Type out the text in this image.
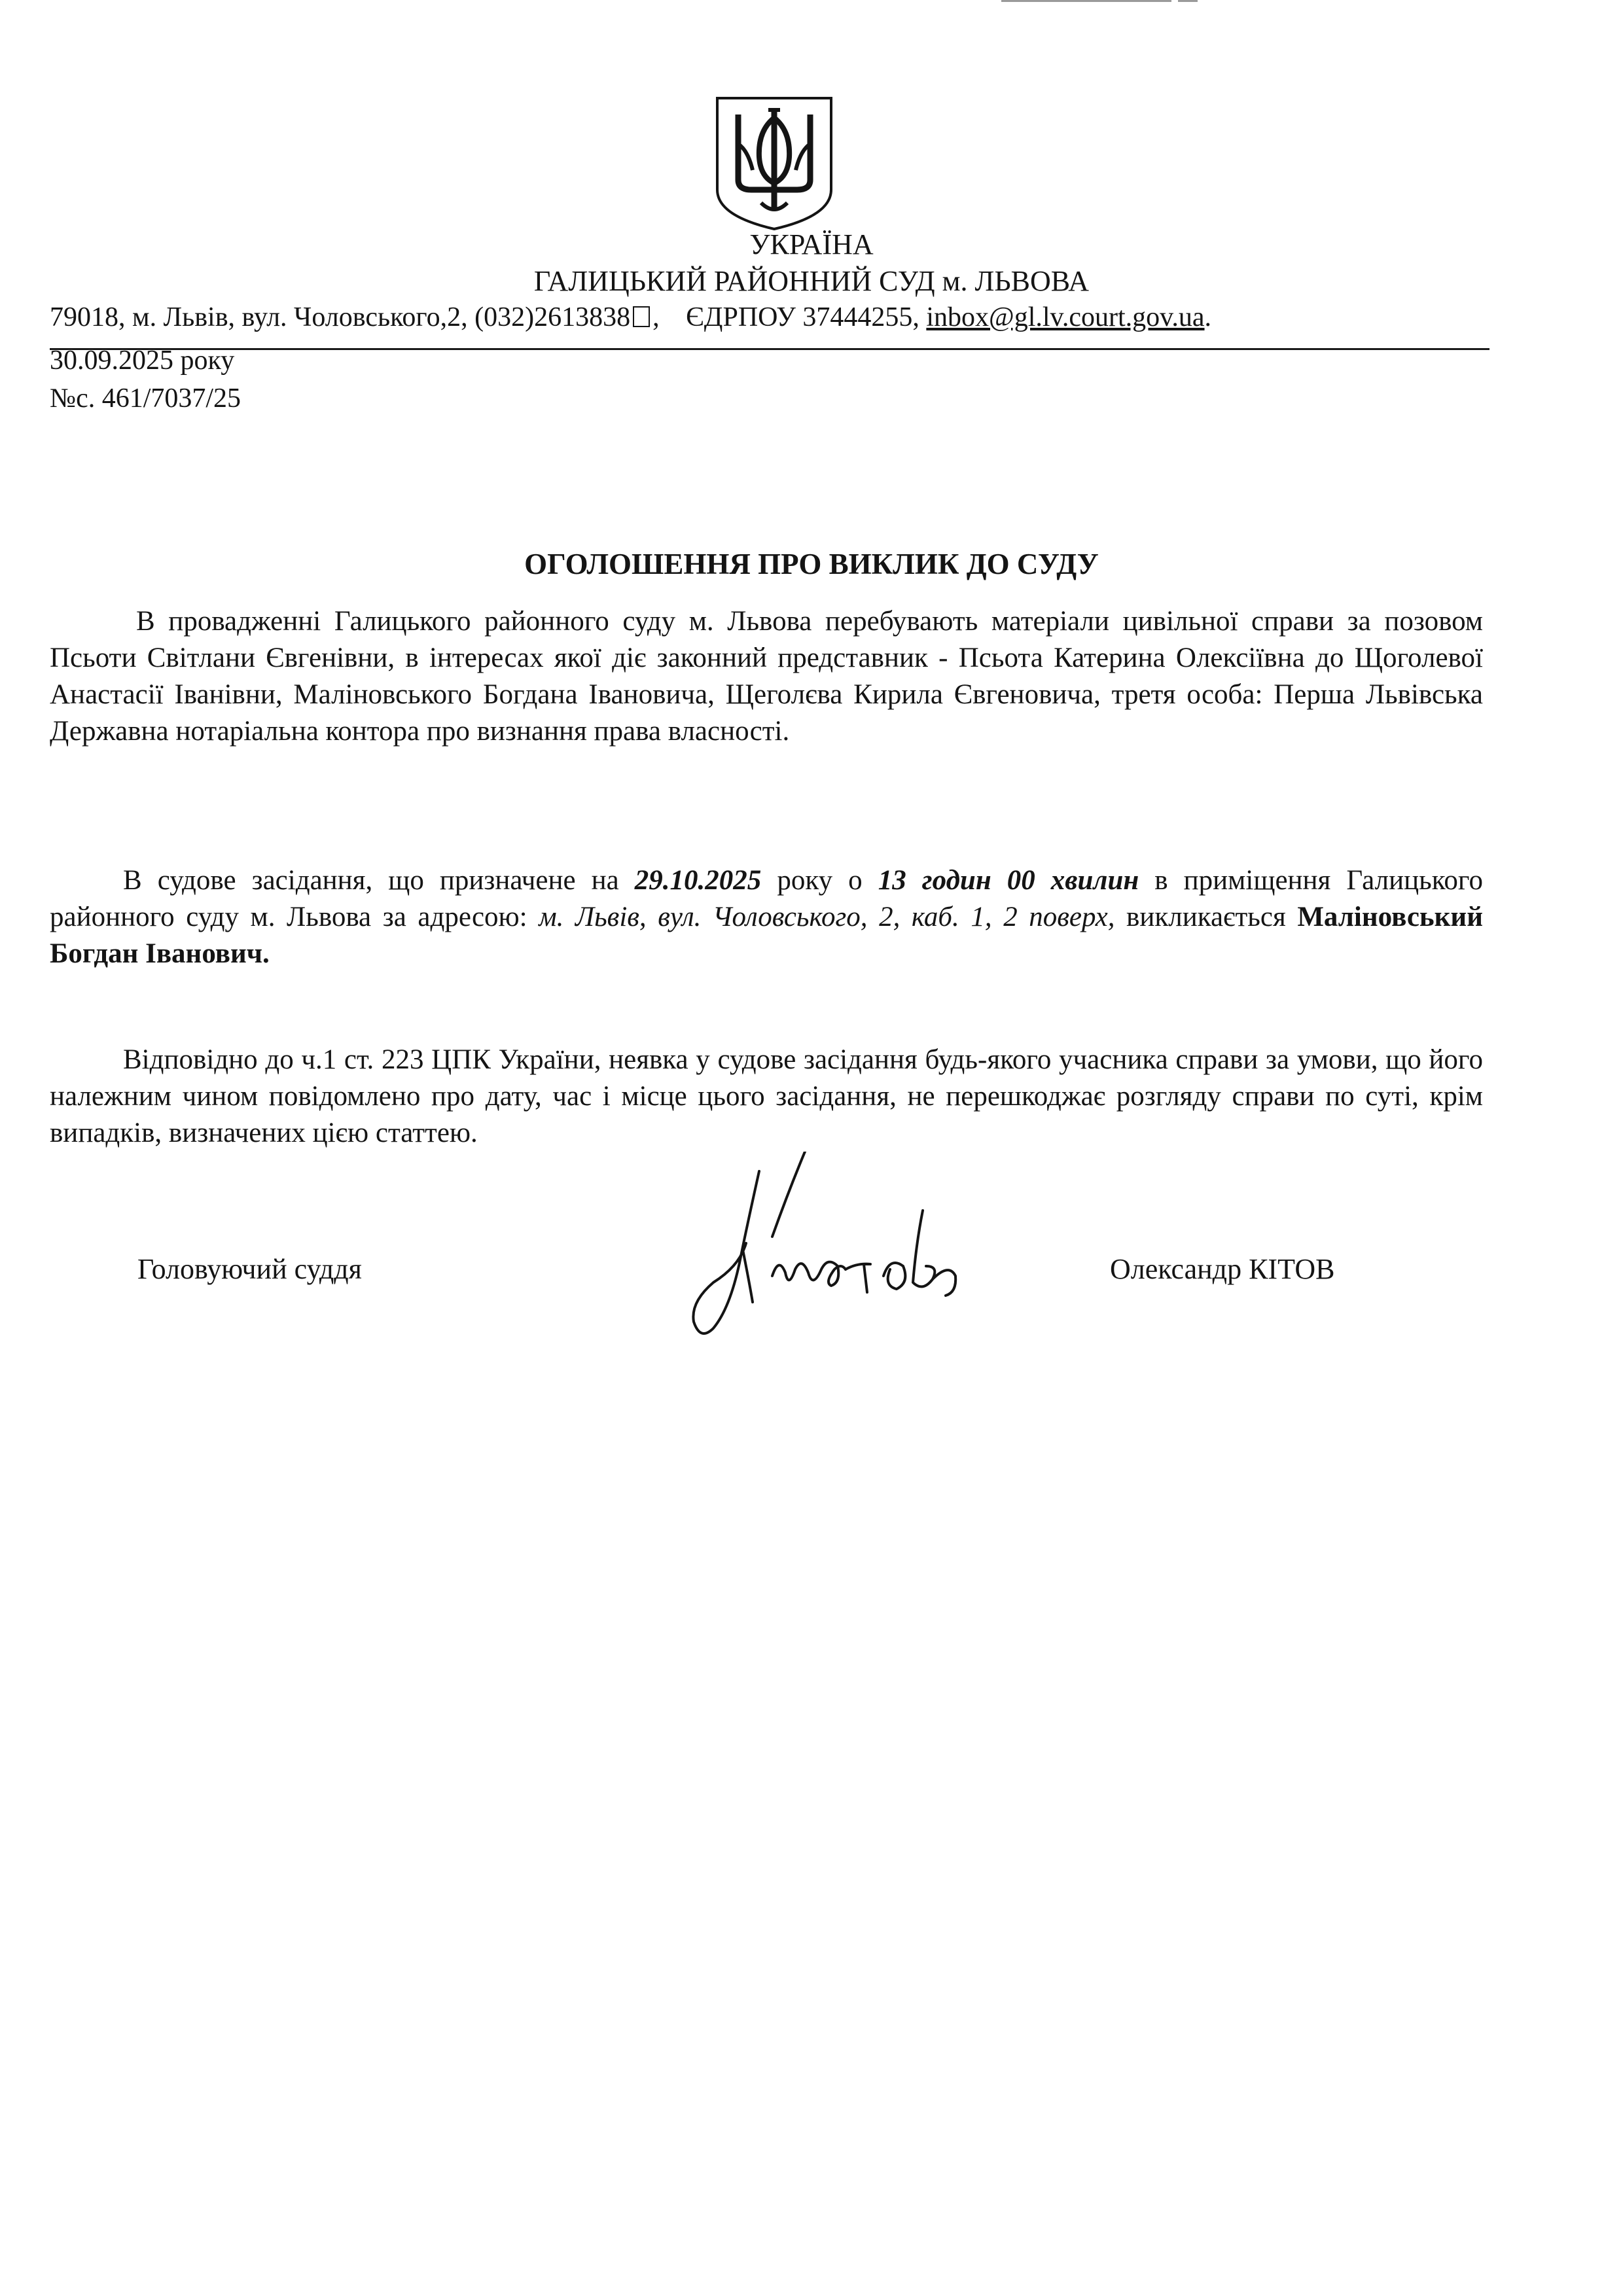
УКРАЇНА
ГАЛИЦЬКИЙ РАЙОННИЙ СУД м. ЛЬВОВА
79018, м. Львів, вул. Чоловського,2, (032)2613838 , ЄДРПОУ 37444255, inbox@gl.lv.court.gov.ua.
30.09.2025 року
№с. 461/7037/25
ОГОЛОШЕННЯ ПРО ВИКЛИК ДО СУДУ
В провадженні Галицького районного суду м. Львова перебувають матеріали цивільної справи за позовом Псьоти Світлани Євгенівни, в інтересах якої діє законний представник - Псьота Катерина Олексіївна до Щоголевої Анастасії Іванівни, Маліновського Богдана Івановича, Щеголєва Кирила Євгеновича, третя особа: Перша Львівська Державна нотаріальна контора про визнання права власності.
В судове засідання, що призначене на 29.10.2025 року о 13 годин 00 хвилин в приміщення Галицького районного суду м. Львова за адресою: м. Львів, вул. Чоловського, 2, каб. 1, 2 поверх, викликається Маліновський Богдан Іванович.
Відповідно до ч.1 ст. 223 ЦПК України, неявка у судове засідання будь-якого учасника справи за умови, що його належним чином повідомлено про дату, час і місце цього засідання, не перешкоджає розгляду справи по суті, крім випадків, визначених цією статтею.
Головуючий суддя	Олександр КІТОВ
